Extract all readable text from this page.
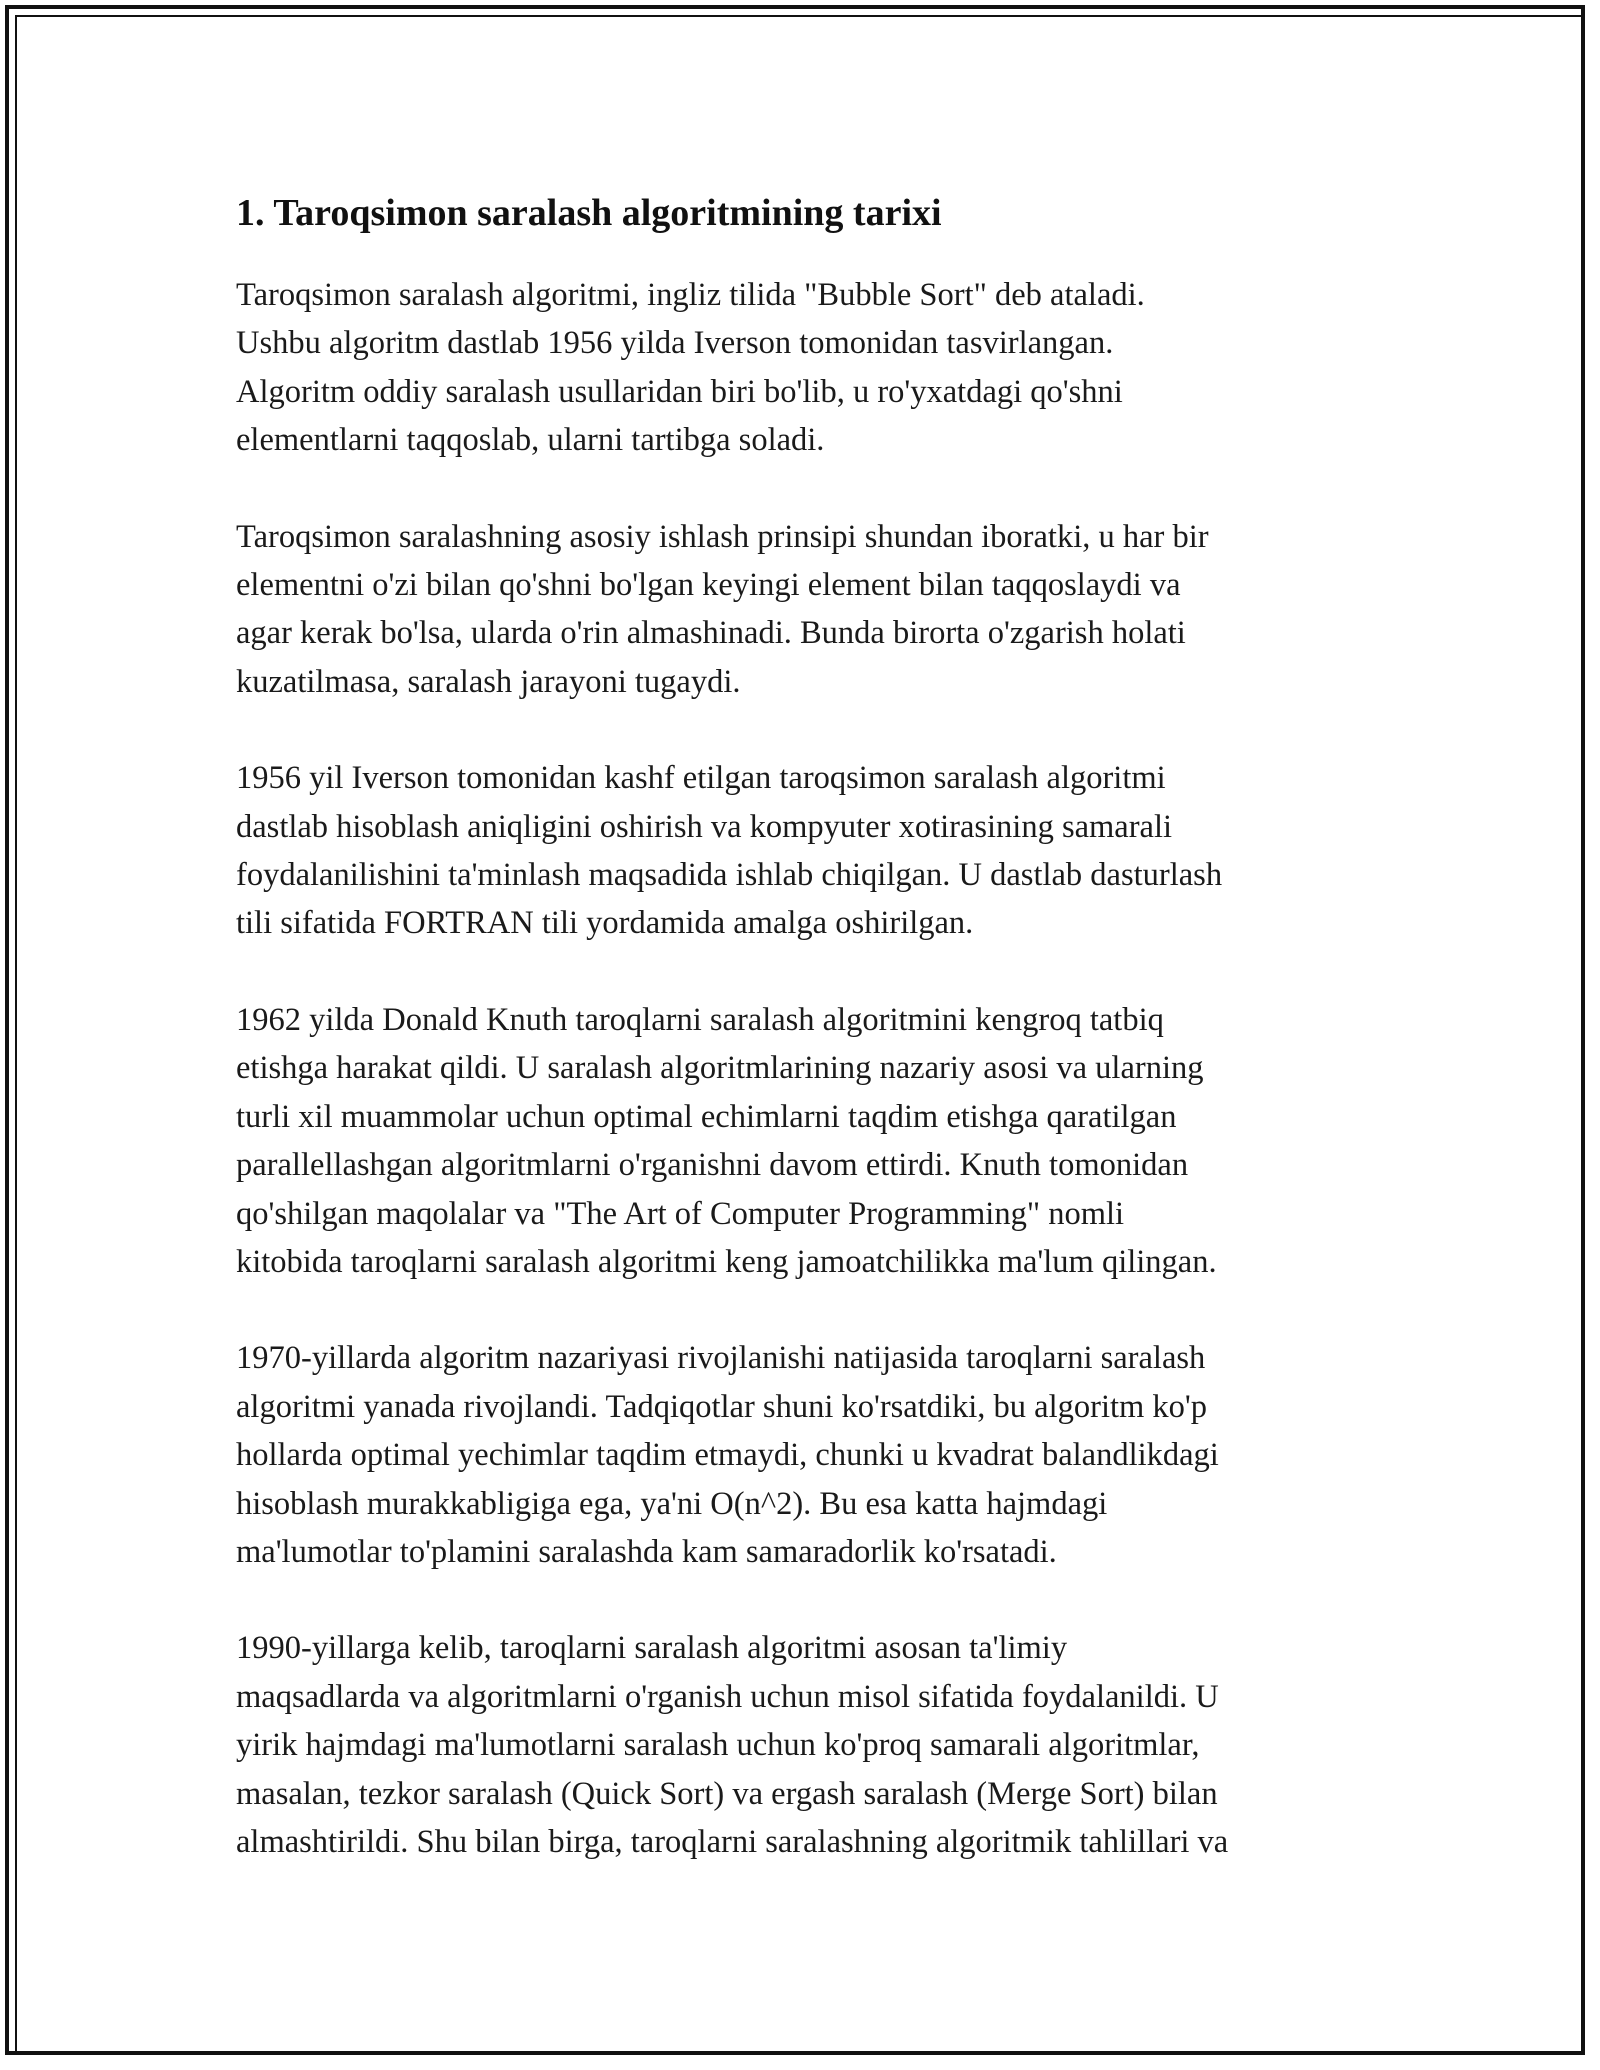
1. Taroqsimon saralash algoritmining tarixi
Taroqsimon saralash algoritmi, ingliz tilida "Bubble Sort" deb ataladi.
Ushbu algoritm dastlab 1956 yilda Iverson tomonidan tasvirlangan.
Algoritm oddiy saralash usullaridan biri bo'lib, u ro'yxatdagi qo'shni
elementlarni taqqoslab, ularni tartibga soladi.
Taroqsimon saralashning asosiy ishlash prinsipi shundan iboratki, u har bir
elementni o'zi bilan qo'shni bo'lgan keyingi element bilan taqqoslaydi va
agar kerak bo'lsa, ularda o'rin almashinadi. Bunda birorta o'zgarish holati
kuzatilmasa, saralash jarayoni tugaydi.
1956 yil Iverson tomonidan kashf etilgan taroqsimon saralash algoritmi
dastlab hisoblash aniqligini oshirish va kompyuter xotirasining samarali
foydalanilishini ta'minlash maqsadida ishlab chiqilgan. U dastlab dasturlash
tili sifatida FORTRAN tili yordamida amalga oshirilgan.
1962 yilda Donald Knuth taroqlarni saralash algoritmini kengroq tatbiq
etishga harakat qildi. U saralash algoritmlarining nazariy asosi va ularning
turli xil muammolar uchun optimal echimlarni taqdim etishga qaratilgan
parallellashgan algoritmlarni o'rganishni davom ettirdi. Knuth tomonidan
qo'shilgan maqolalar va "The Art of Computer Programming" nomli
kitobida taroqlarni saralash algoritmi keng jamoatchilikka ma'lum qilingan.
1970-yillarda algoritm nazariyasi rivojlanishi natijasida taroqlarni saralash
algoritmi yanada rivojlandi. Tadqiqotlar shuni ko'rsatdiki, bu algoritm ko'p
hollarda optimal yechimlar taqdim etmaydi, chunki u kvadrat balandlikdagi
hisoblash murakkabligiga ega, ya'ni O(n^2). Bu esa katta hajmdagi
ma'lumotlar to'plamini saralashda kam samaradorlik ko'rsatadi.
1990-yillarga kelib, taroqlarni saralash algoritmi asosan ta'limiy
maqsadlarda va algoritmlarni o'rganish uchun misol sifatida foydalanildi. U
yirik hajmdagi ma'lumotlarni saralash uchun ko'proq samarali algoritmlar,
masalan, tezkor saralash (Quick Sort) va ergash saralash (Merge Sort) bilan
almashtirildi. Shu bilan birga, taroqlarni saralashning algoritmik tahlillari va
